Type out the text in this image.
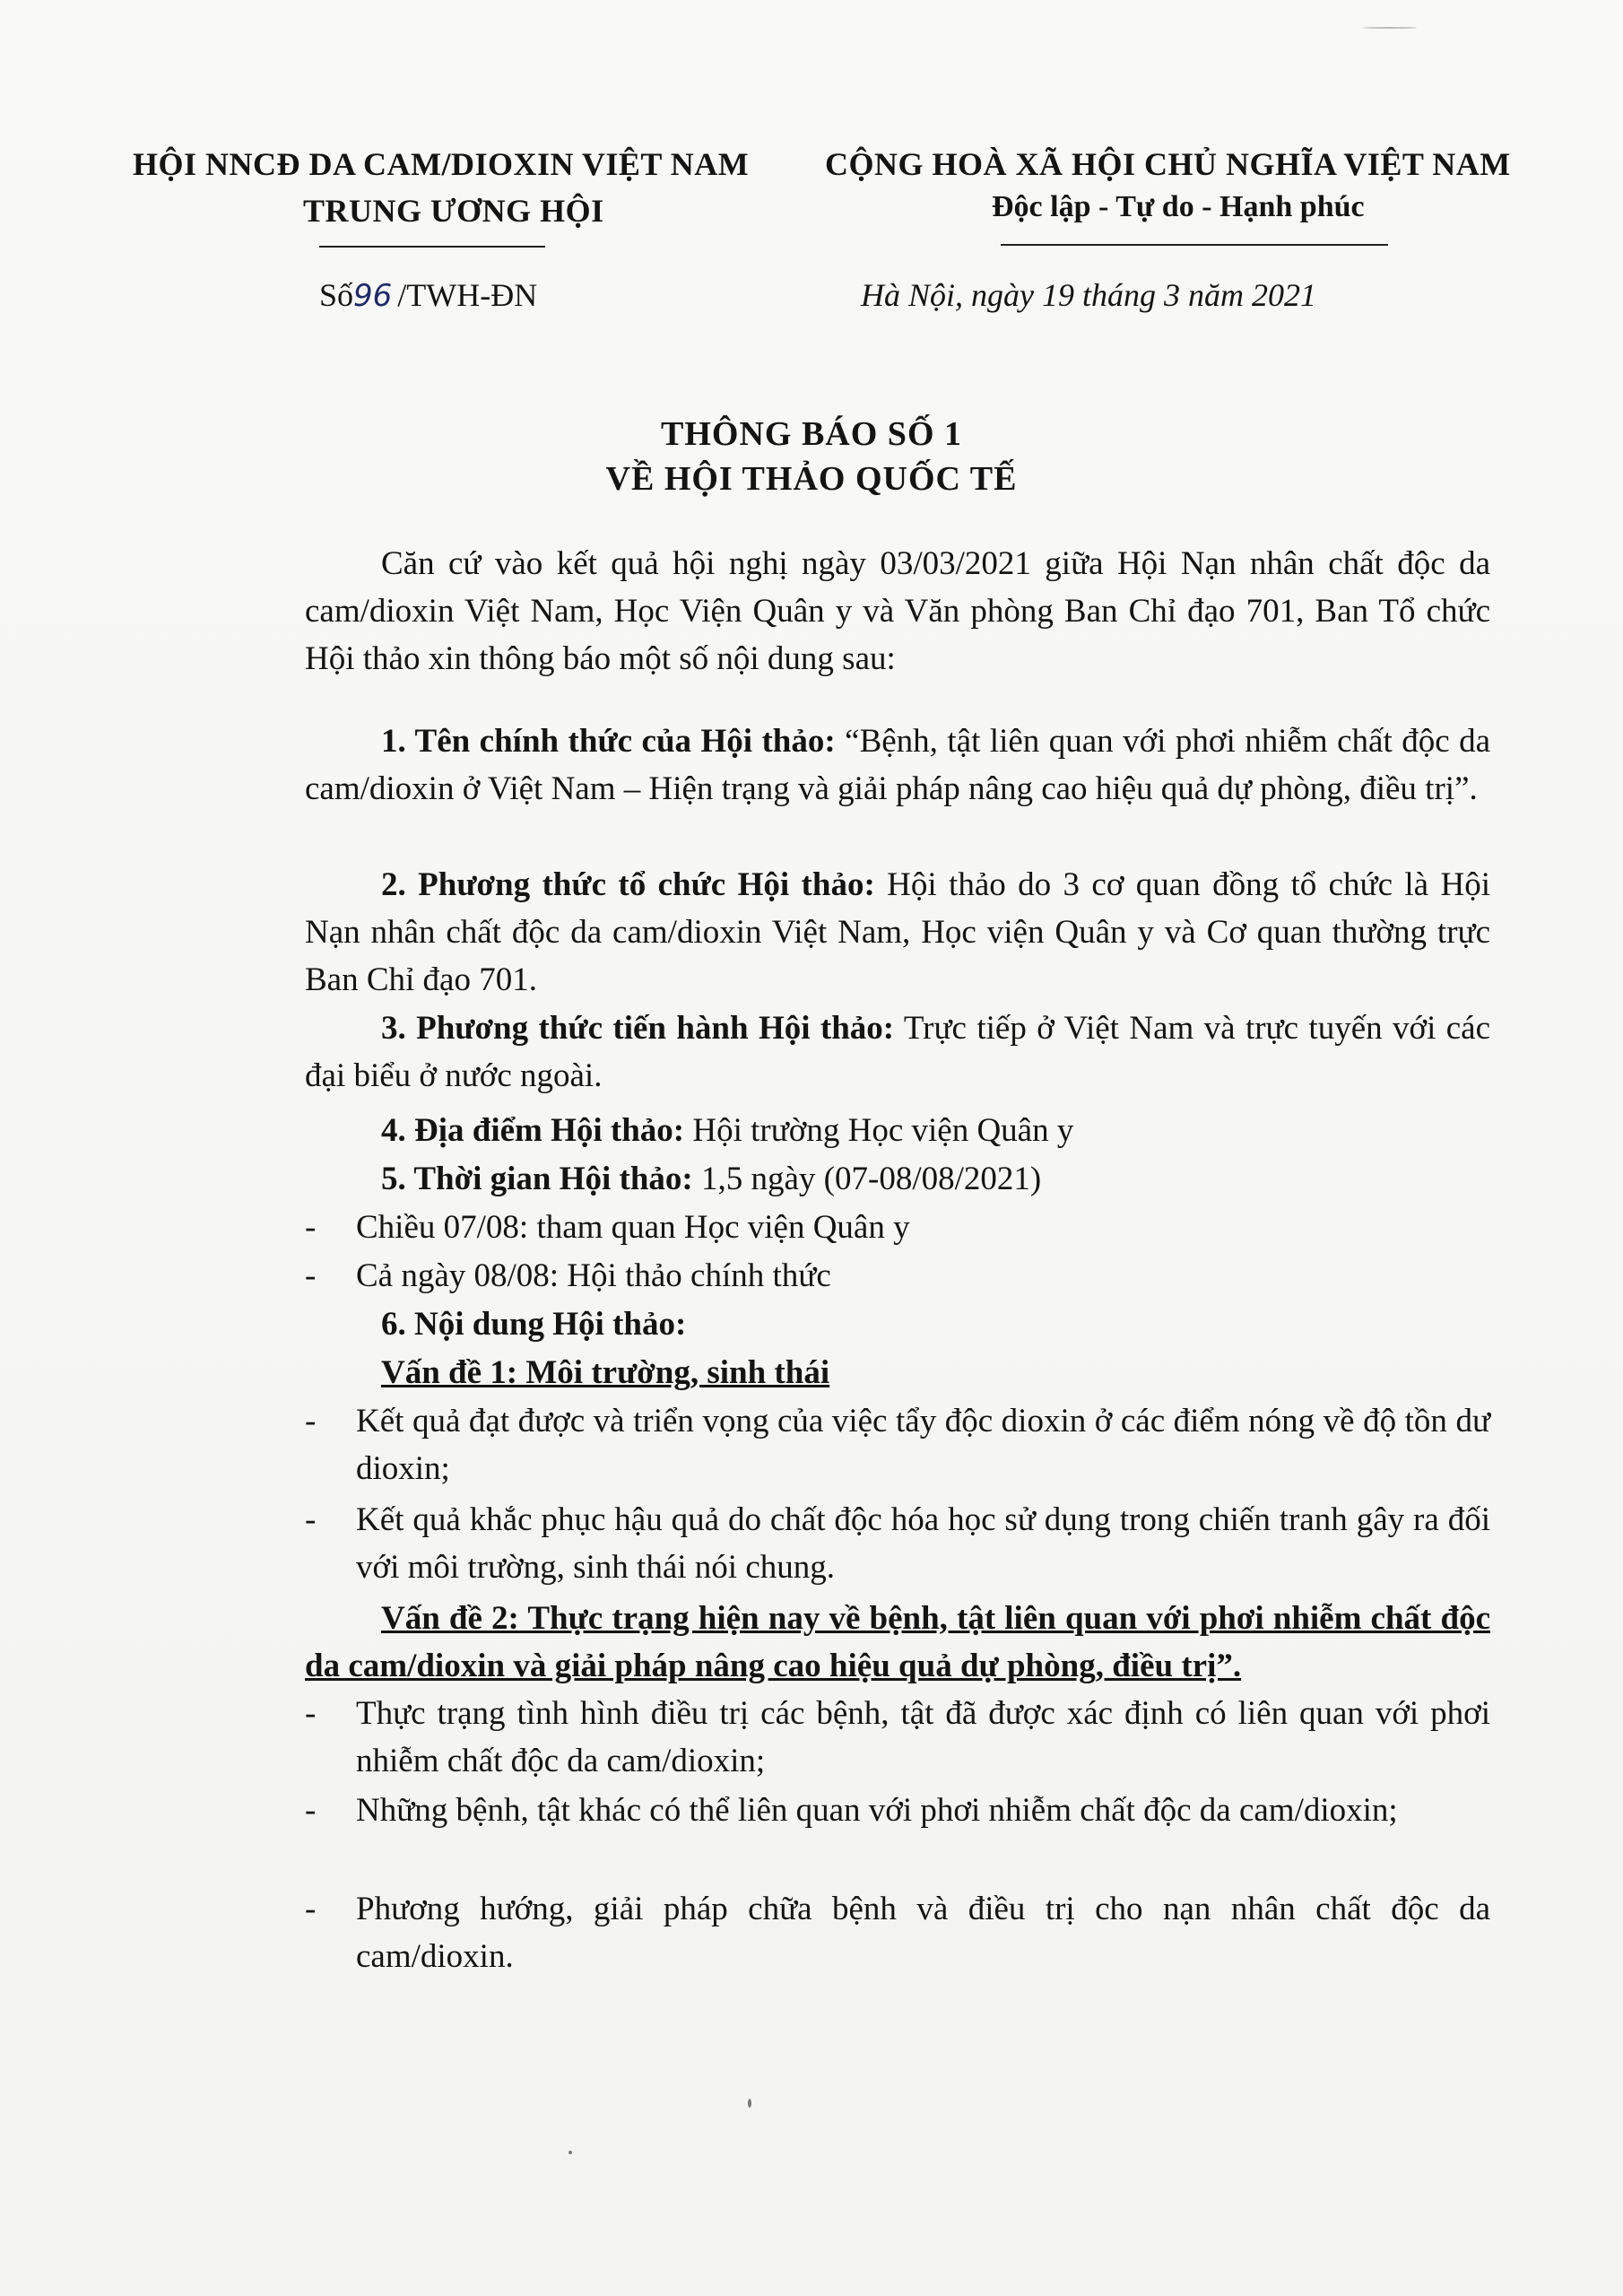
HỘI NNCĐ DA CAM/DIOXIN VIỆT NAM
TRUNG ƯƠNG HỘI
CỘNG HOÀ XÃ HỘI CHỦ NGHĨA VIỆT NAM
Độc lập - Tự do - Hạnh phúc
Số96 /TWH-ĐN	Hà Nội, ngày 19 tháng 3 năm 2021
THÔNG BÁO SỐ 1
VỀ HỘI THẢO QUỐC TẾ
Căn cứ vào kết quả hội nghị ngày 03/03/2021 giữa Hội Nạn nhân chất độc da cam/dioxin Việt Nam, Học Viện Quân y và Văn phòng Ban Chỉ đạo 701, Ban Tổ chức Hội thảo xin thông báo một số nội dung sau:
1. Tên chính thức của Hội thảo: “Bệnh, tật liên quan với phơi nhiễm chất độc da cam/dioxin ở Việt Nam – Hiện trạng và giải pháp nâng cao hiệu quả dự phòng, điều trị”.
2. Phương thức tổ chức Hội thảo: Hội thảo do 3 cơ quan đồng tổ chức là Hội Nạn nhân chất độc da cam/dioxin Việt Nam, Học viện Quân y và Cơ quan thường trực Ban Chỉ đạo 701.
3. Phương thức tiến hành Hội thảo: Trực tiếp ở Việt Nam và trực tuyến với các đại biểu ở nước ngoài.
4. Địa điểm Hội thảo: Hội trường Học viện Quân y
5. Thời gian Hội thảo: 1,5 ngày (07-08/08/2021)
-	Chiều 07/08: tham quan Học viện Quân y
-	Cả ngày 08/08: Hội thảo chính thức
6. Nội dung Hội thảo:
Vấn đề 1: Môi trường, sinh thái
-	Kết quả đạt được và triển vọng của việc tẩy độc dioxin ở các điểm nóng về độ tồn dư dioxin;
-	Kết quả khắc phục hậu quả do chất độc hóa học sử dụng trong chiến tranh gây ra đối với môi trường, sinh thái nói chung.
Vấn đề 2: Thực trạng hiện nay về bệnh, tật liên quan với phơi nhiễm chất độc da cam/dioxin và giải pháp nâng cao hiệu quả dự phòng, điều trị”.
-	Thực trạng tình hình điều trị các bệnh, tật đã được xác định có liên quan với phơi nhiễm chất độc da cam/dioxin;
-	Những bệnh, tật khác có thể liên quan với phơi nhiễm chất độc da cam/dioxin;
-	Phương hướng, giải pháp chữa bệnh và điều trị cho nạn nhân chất độc da cam/dioxin.
